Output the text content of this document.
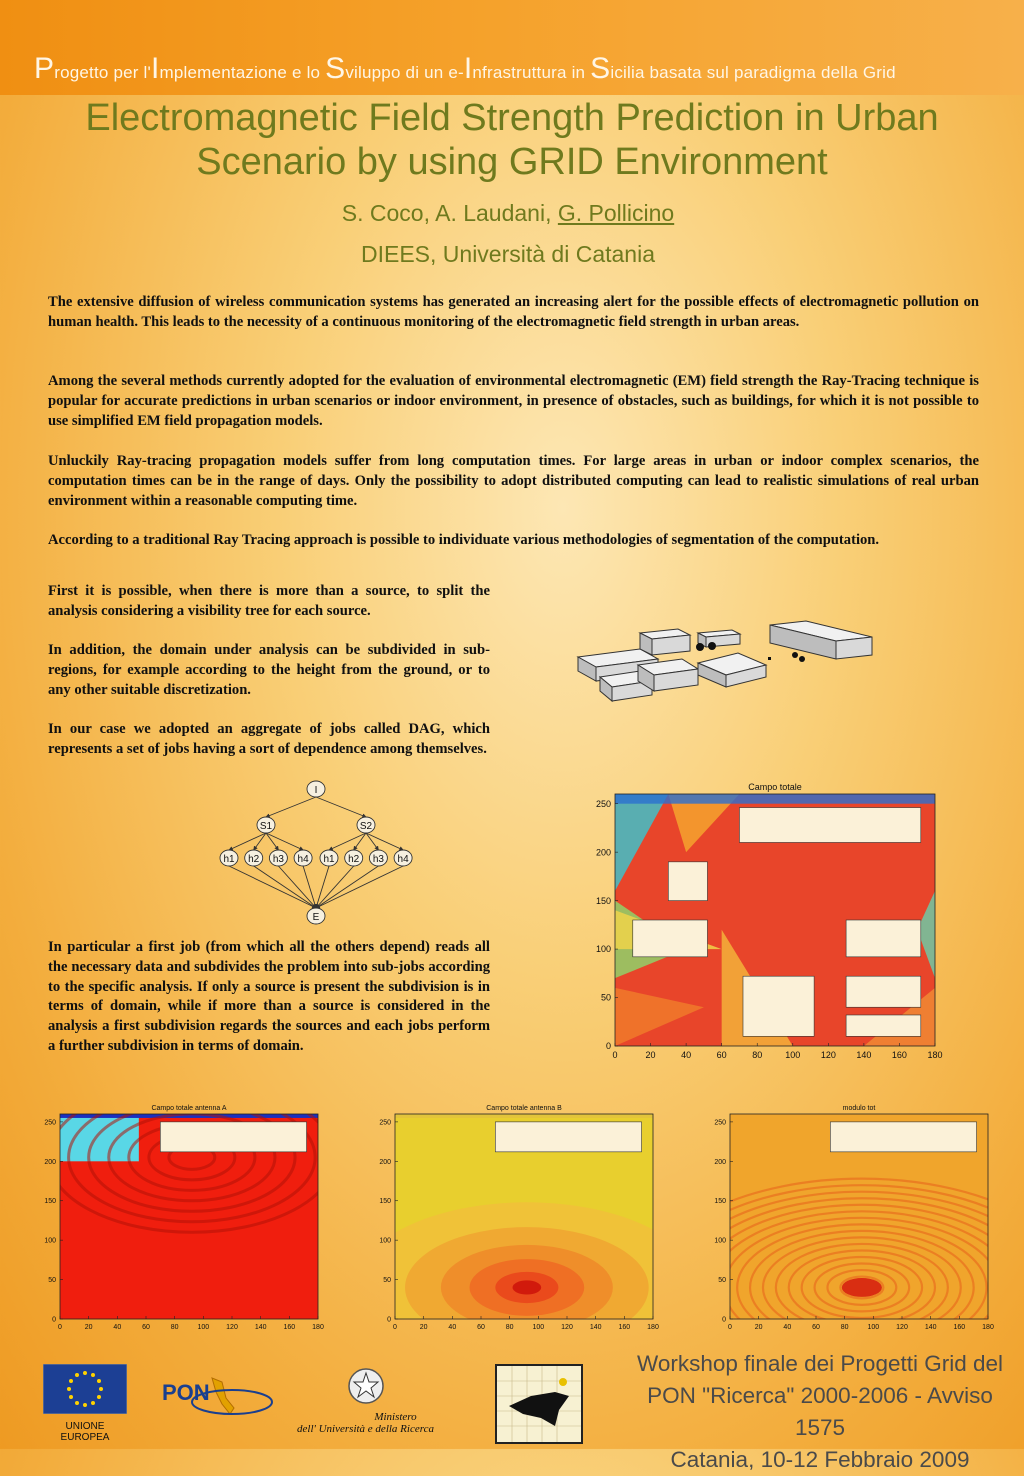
Progetto per l'Implementazione e lo Sviluppo di un e-Infrastruttura in Sicilia basata sul paradigma della Grid
Electromagnetic Field Strength Prediction in Urban
Scenario by using GRID Environment
S. Coco, A. Laudani, G. Pollicino
DIEES, Università di Catania

The extensive diffusion of wireless communication systems has generated an increasing alert for the possible effects of electromagnetic pollution on human health. This leads to the necessity of a continuous monitoring of the electromagnetic field strength in urban areas.

Among the several methods currently adopted for the evaluation of environmental electromagnetic (EM) field strength the Ray-Tracing technique is popular for accurate predictions in urban scenarios or indoor environment, in presence of obstacles, such as buildings, for which it is not possible to use simplified EM field propagation models.

Unluckily Ray-tracing propagation models suffer from long computation times. For large areas in urban or indoor complex scenarios, the computation times can be in the range of days. Only the possibility to adopt distributed computing can lead to realistic simulations of real urban environment within a reasonable computing time.

According to a traditional Ray Tracing approach is possible to individuate various methodologies of segmentation of the computation.

First it is possible, when there is more than a source, to split the analysis considering a visibility tree for each source.

In addition, the domain under analysis can be subdivided in sub-regions, for example according to the height from the ground, or to any other suitable discretization.

In our case we adopted an aggregate of jobs called DAG, which represents a set of jobs having a sort of dependence among themselves.

In particular a first job (from which all the others depend) reads all the necessary data and subdivides the problem into sub-jobs according to the specific analysis. If only a source is present the subdivision is in terms of domain, while if more than a source is considered in the analysis a first subdivision regards the sources and each jobs perform a further subdivision in terms of domain.

I
S1	S2
h1 h2 h3 h4 h1 h2 h3 h4
E
Campo totale
0	20	40	60	80	100 120 140 160 180
0
50
100
150
200
250
Campo totale antenna A
0	20	40	60	80	100 120 140 160 180
0
50
100
150
200
250
Campo totale antenna B
0	20	40	60	80	100 120 140 160 180
0
50
100
150
200
250
modulo tot
0	20	40	60	80	100 120 140 160 180
0
50
100
150
200
250
UNIONE EUROPEA
PON
Ministero
dell' Università e della Ricerca
Workshop finale dei Progetti Grid del
PON "Ricerca" 2000-2006 - Avviso 1575
Catania, 10-12 Febbraio 2009
